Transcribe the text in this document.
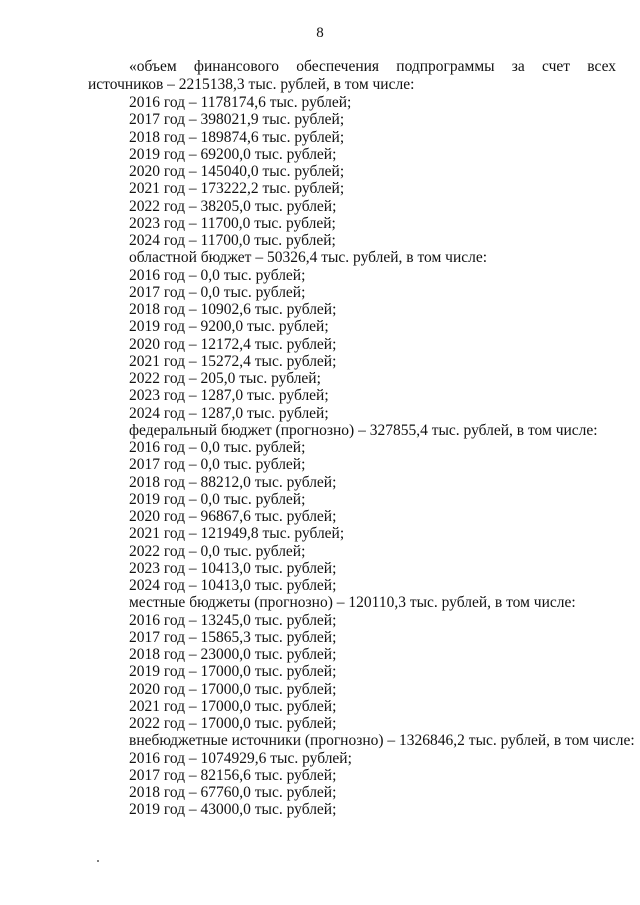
8
«объем финансового обеспечения подпрограммы за счет всех
источников – 2215138,3 тыс. рублей, в том числе:
2016 год – 1178174,6 тыс. рублей;
2017 год – 398021,9 тыс. рублей;
2018 год – 189874,6 тыс. рублей;
2019 год – 69200,0 тыс. рублей;
2020 год – 145040,0 тыс. рублей;
2021 год – 173222,2 тыс. рублей;
2022 год – 38205,0 тыс. рублей;
2023 год – 11700,0 тыс. рублей;
2024 год – 11700,0 тыс. рублей;
областной бюджет – 50326,4 тыс. рублей, в том числе:
2016 год – 0,0 тыс. рублей;
2017 год – 0,0 тыс. рублей;
2018 год – 10902,6 тыс. рублей;
2019 год – 9200,0 тыс. рублей;
2020 год – 12172,4 тыс. рублей;
2021 год – 15272,4 тыс. рублей;
2022 год – 205,0 тыс. рублей;
2023 год – 1287,0 тыс. рублей;
2024 год – 1287,0 тыс. рублей;
федеральный бюджет (прогнозно) – 327855,4 тыс. рублей, в том числе:
2016 год – 0,0 тыс. рублей;
2017 год – 0,0 тыс. рублей;
2018 год – 88212,0 тыс. рублей;
2019 год – 0,0 тыс. рублей;
2020 год – 96867,6 тыс. рублей;
2021 год – 121949,8 тыс. рублей;
2022 год – 0,0 тыс. рублей;
2023 год – 10413,0 тыс. рублей;
2024 год – 10413,0 тыс. рублей;
местные бюджеты (прогнозно) – 120110,3 тыс. рублей, в том числе:
2016 год – 13245,0 тыс. рублей;
2017 год – 15865,3 тыс. рублей;
2018 год – 23000,0 тыс. рублей;
2019 год – 17000,0 тыс. рублей;
2020 год – 17000,0 тыс. рублей;
2021 год – 17000,0 тыс. рублей;
2022 год – 17000,0 тыс. рублей;
внебюджетные источники (прогнозно) – 1326846,2 тыс. рублей, в том числе:
2016 год – 1074929,6 тыс. рублей;
2017 год – 82156,6 тыс. рублей;
2018 год – 67760,0 тыс. рублей;
2019 год – 43000,0 тыс. рублей;
